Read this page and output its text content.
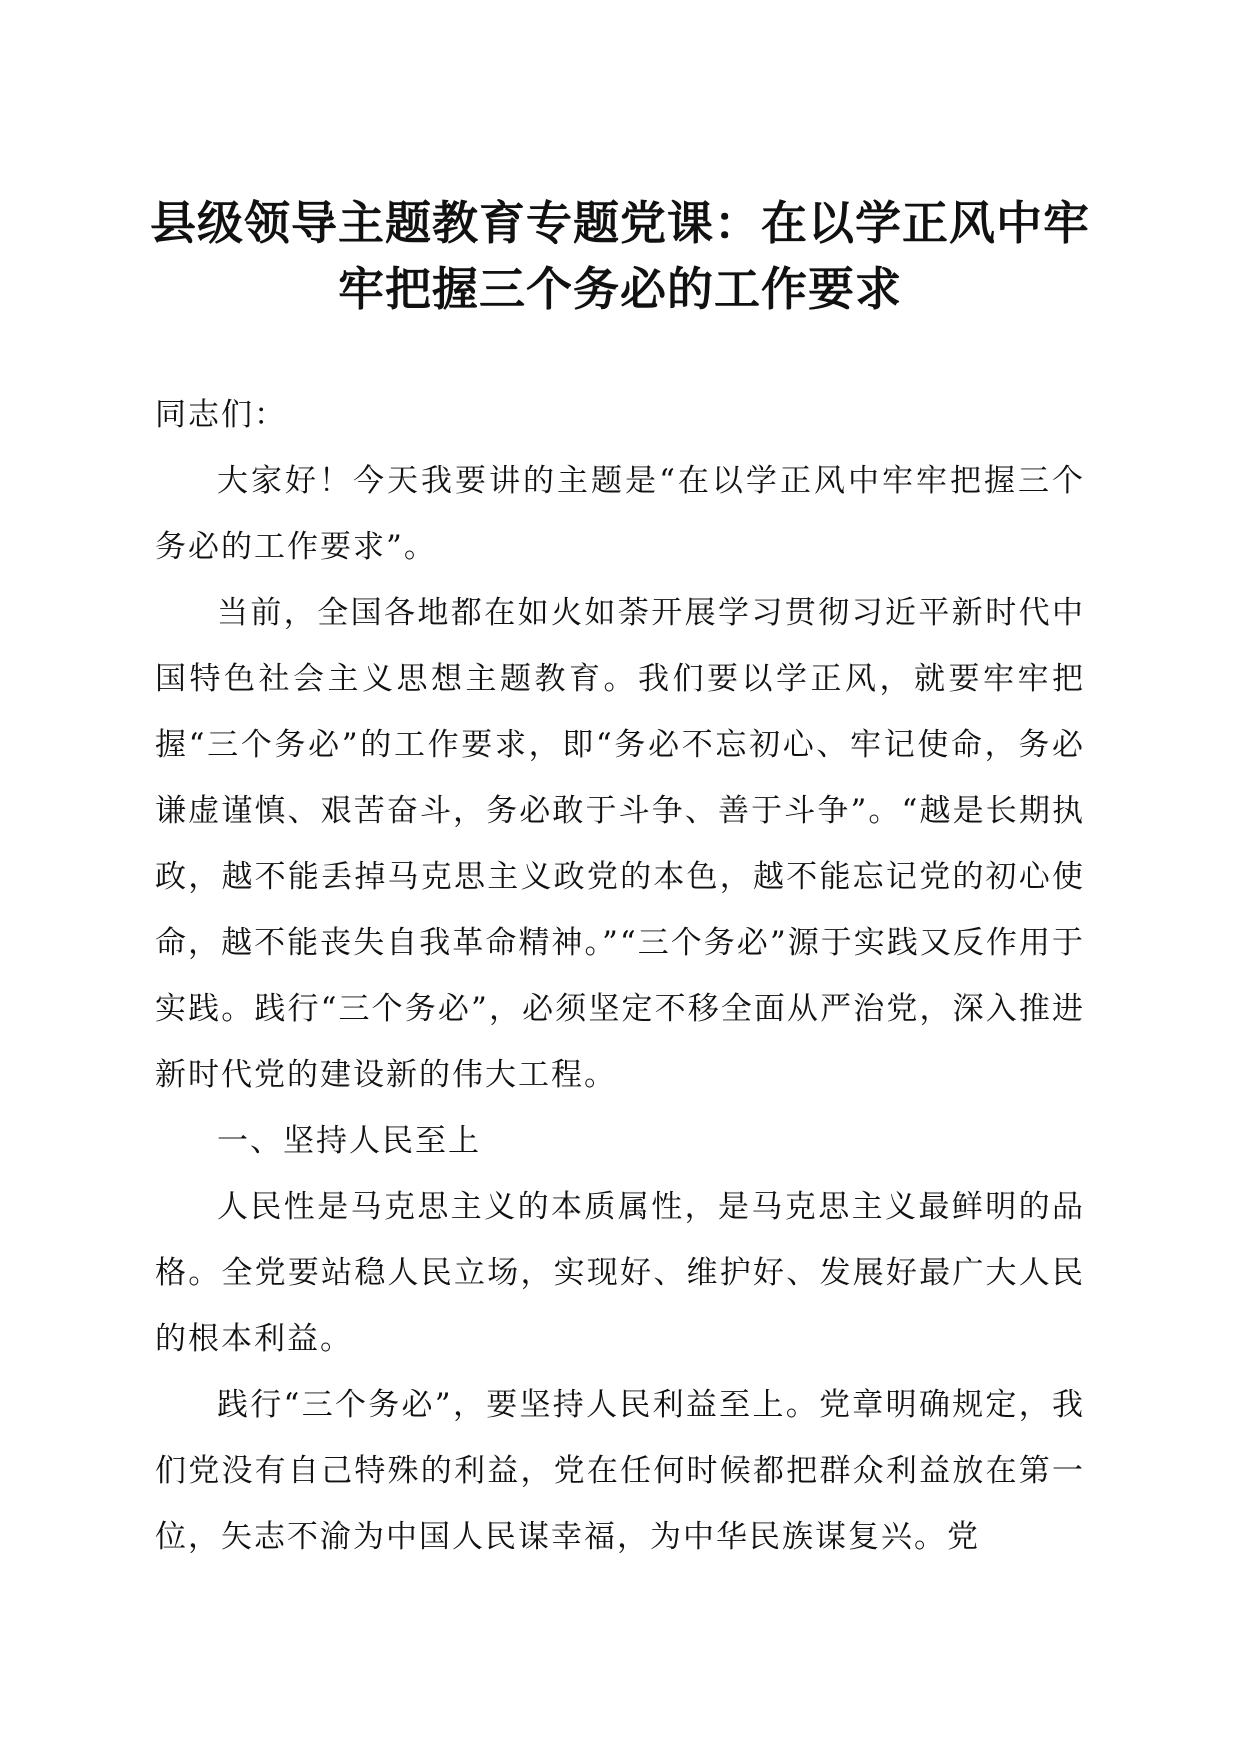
县级领导主题教育专题党课：在以学正风中牢
牢把握三个务必的工作要求

同志们：

大家好！今天我要讲的主题是“在以学正风中牢牢把握三个务必的工作要求”。

当前，全国各地都在如火如荼开展学习贯彻习近平新时代中国特色社会主义思想主题教育。我们要以学正风，就要牢牢把握“三个务必”的工作要求，即“务必不忘初心、牢记使命，务必谦虚谨慎、艰苦奋斗，务必敢于斗争、善于斗争”。“越是长期执政，越不能丢掉马克思主义政党的本色，越不能忘记党的初心使命，越不能丧失自我革命精神。”“三个务必”源于实践又反作用于实践。践行“三个务必”，必须坚定不移全面从严治党，深入推进新时代党的建设新的伟大工程。

一、坚持人民至上

人民性是马克思主义的本质属性，是马克思主义最鲜明的品格。全党要站稳人民立场，实现好、维护好、发展好最广大人民的根本利益。

践行“三个务必”，要坚持人民利益至上。党章明确规定，我们党没有自己特殊的利益，党在任何时候都把群众利益放在第一位，矢志不渝为中国人民谋幸福，为中华民族谋复兴。党
